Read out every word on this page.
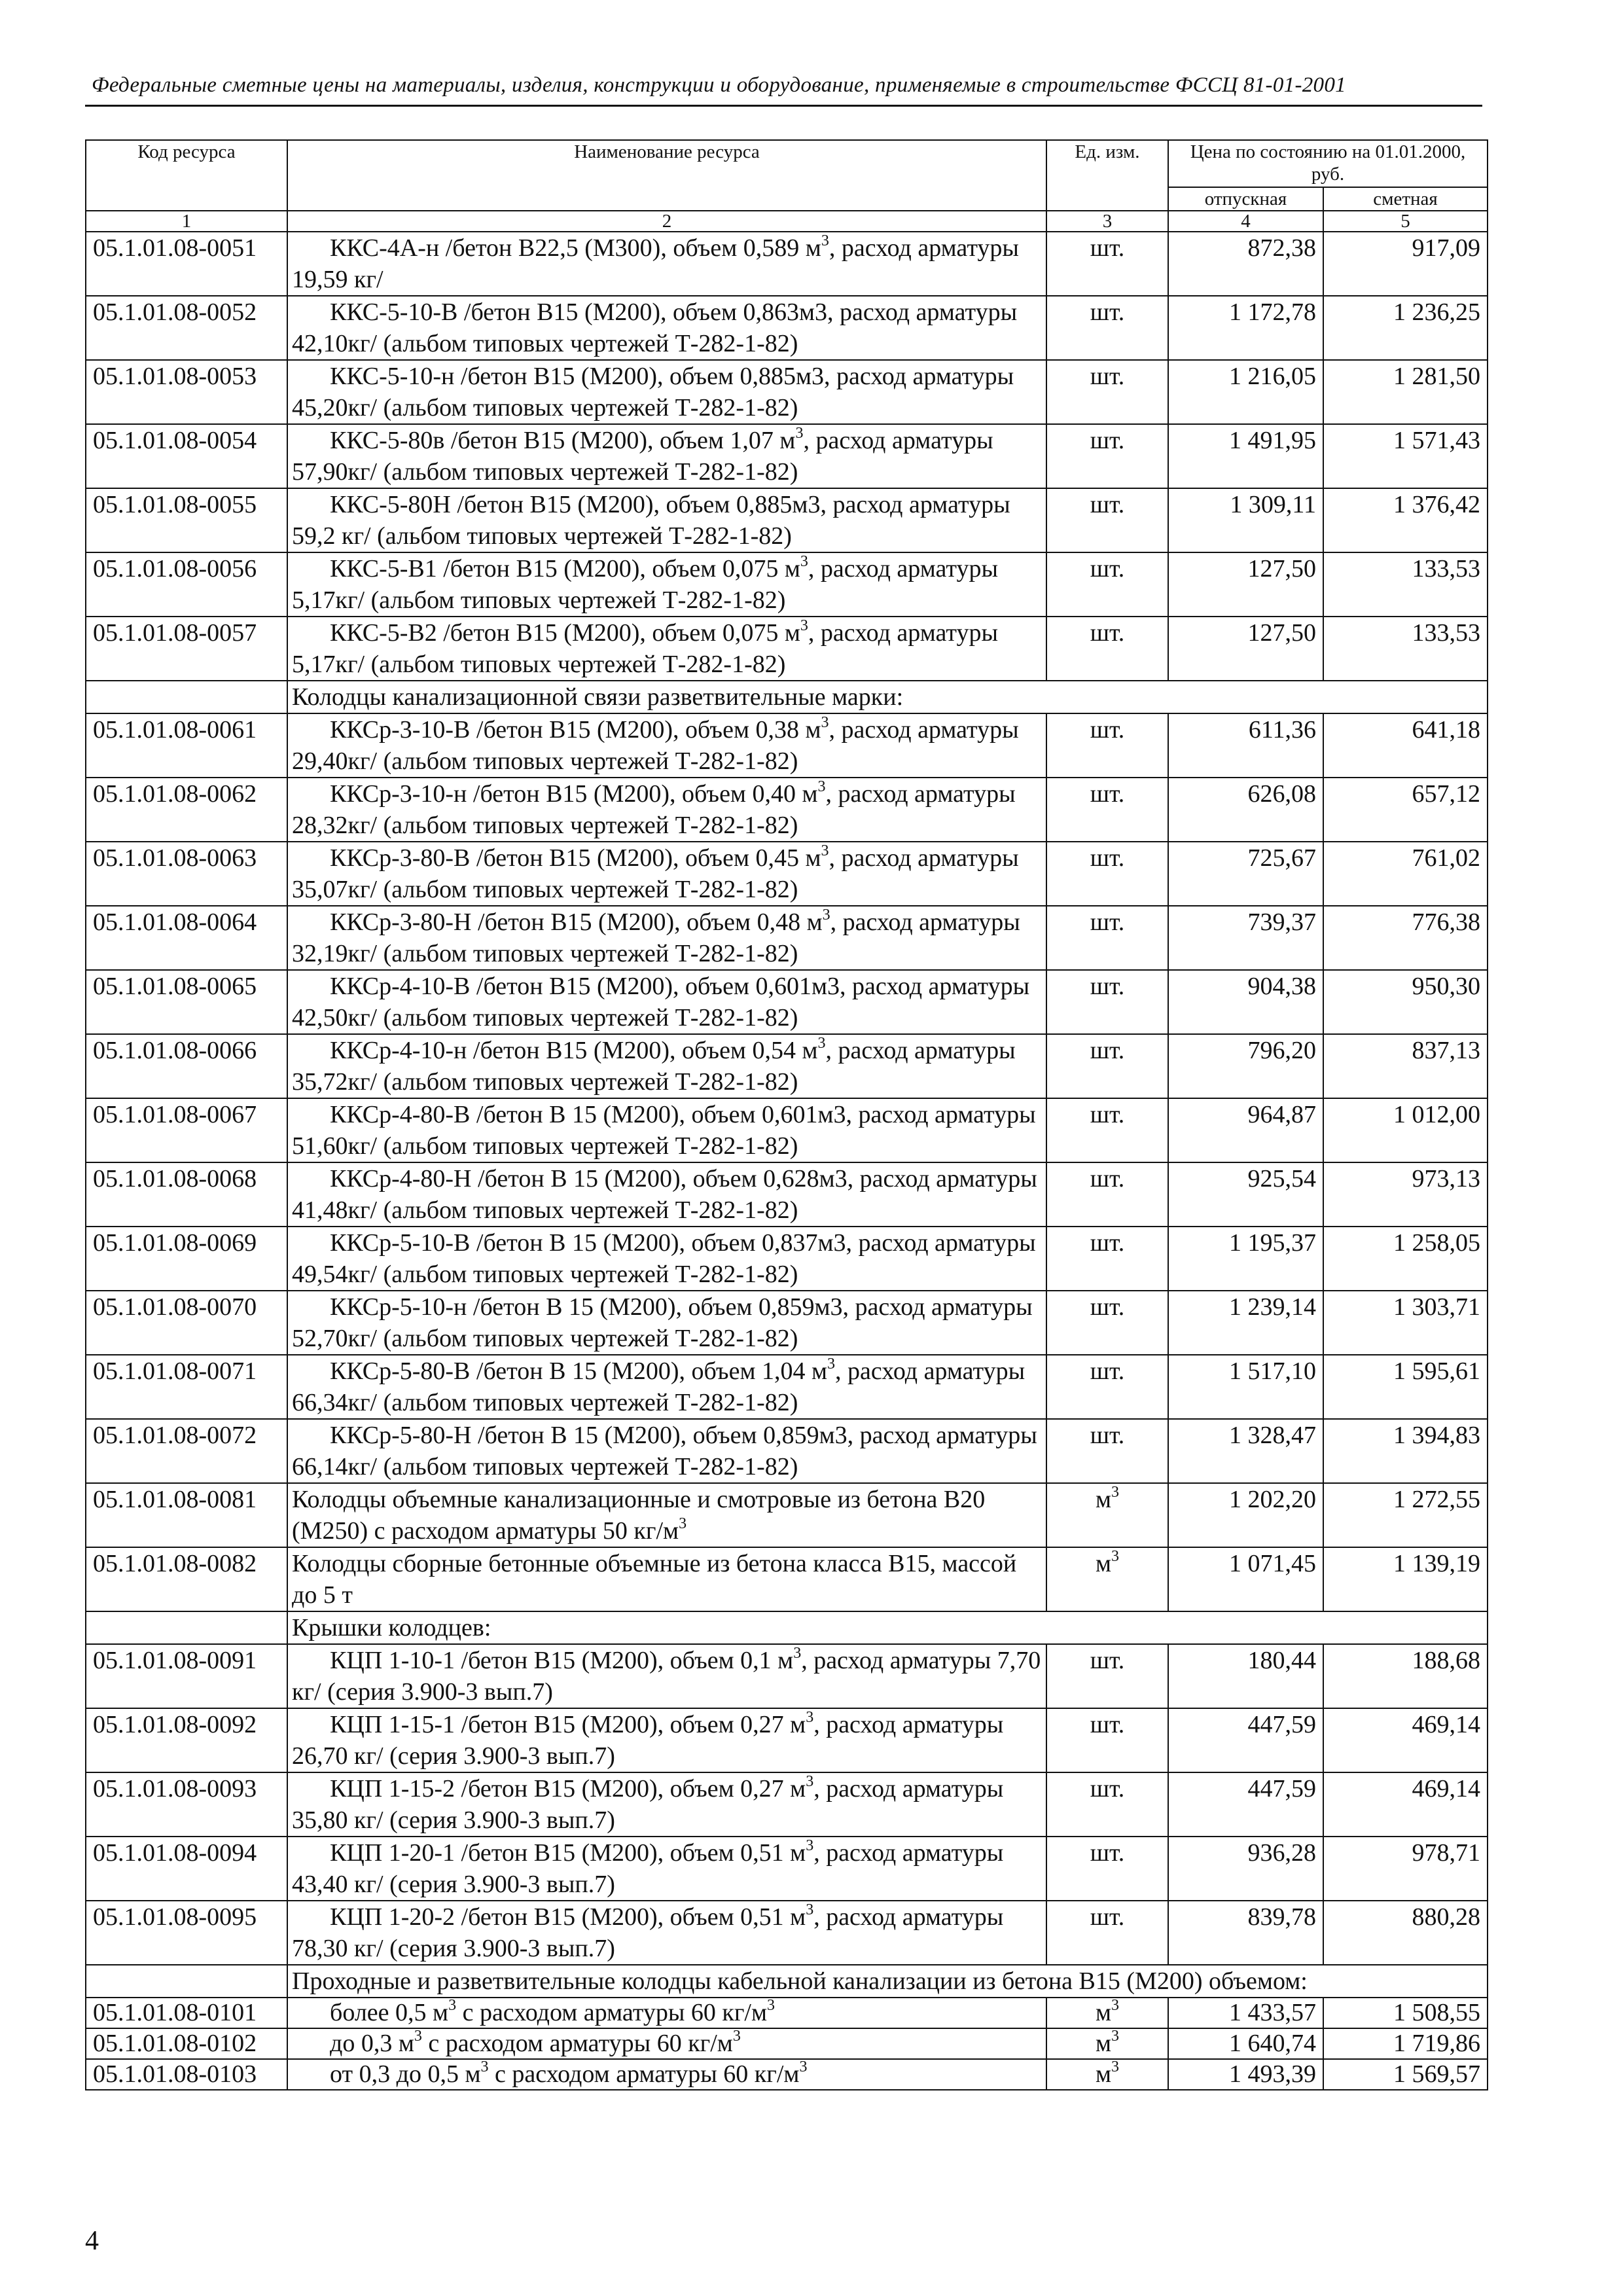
Федеральные сметные цены на материалы, изделия, конструкции и оборудование, применяемые в строительстве ФССЦ 81-01-2001
Код ресурса	Наименование ресурса	Ед. изм.	Цена по состоянию на 01.01.2000, руб.	
			отпускная	сметная
1	2	3	4	5
05.1.01.08-0051	ККС-4А-н /бетон В22,5 (М300), объем 0,589 $м^3$, расход арматуры 19,59 кг/	шт.	872,38	917,09
05.1.01.08-0052	ККС-5-10-В /бетон В15 (М200), объем 0,863м3, расход арматуры 42,10кг/ (альбом типовых чертежей Т-282-1-82)	шт.	1 172,78	1 236,25
05.1.01.08-0053	ККС-5-10-н /бетон В15 (М200), объем 0,885м3, расход арматуры 45,20кг/ (альбом типовых чертежей Т-282-1-82)	шт.	1 216,05	1 281,50
05.1.01.08-0054	ККС-5-80в /бетон В15 (М200), объем 1,07 $м^3$, расход арматуры 57,90кг/ (альбом типовых чертежей Т-282-1-82)	шт.	1 491,95	1 571,43
05.1.01.08-0055	ККС-5-80Н /бетон В15 (М200), объем 0,885м3, расход арматуры 59,2 кг/ (альбом типовых чертежей Т-282-1-82)	шт.	1 309,11	1 376,42
05.1.01.08-0056	ККС-5-В1 /бетон В15 (М200), объем 0,075 $м^3$, расход арматуры 5,17кг/ (альбом типовых чертежей Т-282-1-82)	шт.	127,50	133,53
05.1.01.08-0057	ККС-5-В2 /бетон В15 (М200), объем 0,075 $м^3$, расход арматуры 5,17кг/ (альбом типовых чертежей Т-282-1-82)	шт.	127,50	133,53
	Колодцы канализационной связи разветвительные марки:			
05.1.01.08-0061	ККСр-3-10-В /бетон В15 (М200), объем 0,38 $м^3$, расход арматуры 29,40кг/ (альбом типовых чертежей Т-282-1-82)	шт.	611,36	641,18
05.1.01.08-0062	ККСр-3-10-н /бетон В15 (М200), объем 0,40 $м^3$, расход арматуры 28,32кг/ (альбом типовых чертежей Т-282-1-82)	шт.	626,08	657,12
05.1.01.08-0063	ККСр-3-80-В /бетон В15 (М200), объем 0,45 $м^3$, расход арматуры 35,07кг/ (альбом типовых чертежей Т-282-1-82)	шт.	725,67	761,02
05.1.01.08-0064	ККСр-3-80-Н /бетон В15 (М200), объем 0,48 $м^3$, расход арматуры 32,19кг/ (альбом типовых чертежей Т-282-1-82)	шт.	739,37	776,38
05.1.01.08-0065	ККСр-4-10-В /бетон В15 (М200), объем 0,601м3, расход арматуры 42,50кг/ (альбом типовых чертежей Т-282-1-82)	шт.	904,38	950,30
05.1.01.08-0066	ККСр-4-10-н /бетон В15 (М200), объем 0,54 $м^3$, расход арматуры 35,72кг/ (альбом типовых чертежей Т-282-1-82)	шт.	796,20	837,13
05.1.01.08-0067	ККСр-4-80-В /бетон В 15 (М200), объем 0,601м3, расход арматуры 51,60кг/ (альбом типовых чертежей Т-282-1-82)	шт.	964,87	1 012,00
05.1.01.08-0068	ККСр-4-80-Н /бетон В 15 (М200), объем 0,628м3, расход арматуры 41,48кг/ (альбом типовых чертежей Т-282-1-82)	шт.	925,54	973,13
05.1.01.08-0069	ККСр-5-10-В /бетон В 15 (М200), объем 0,837м3, расход арматуры 49,54кг/ (альбом типовых чертежей Т-282-1-82)	шт.	1 195,37	1 258,05
05.1.01.08-0070	ККСр-5-10-н /бетон В 15 (М200), объем 0,859м3, расход арматуры 52,70кг/ (альбом типовых чертежей Т-282-1-82)	шт.	1 239,14	1 303,71
05.1.01.08-0071	ККСр-5-80-В /бетон В 15 (М200), объем 1,04 $м^3$, расход арматуры 66,34кг/ (альбом типовых чертежей Т-282-1-82)	шт.	1 517,10	1 595,61
05.1.01.08-0072	ККСр-5-80-Н /бетон В 15 (М200), объем 0,859м3, расход арматуры 66,14кг/ (альбом типовых чертежей Т-282-1-82)	шт.	1 328,47	1 394,83
05.1.01.08-0081	Колодцы объемные канализационные и смотровые из бетона В20 (М250) с расходом арматуры 50 $кг/м^3$	$м^3$	1 202,20	1 272,55
05.1.01.08-0082	Колодцы сборные бетонные объемные из бетона класса В15, массой до 5 т	$м^3$	1 071,45	1 139,19
	Крышки колодцев:			
05.1.01.08-0091	КЦП 1-10-1 /бетон В15 (М200), объем 0,1 $м^3$, расход арматуры 7,70 кг/ (серия 3.900-3 вып.7)	шт.	180,44	188,68
05.1.01.08-0092	КЦП 1-15-1 /бетон В15 (М200), объем 0,27 $м^3$, расход арматуры 26,70 кг/ (серия 3.900-3 вып.7)	шт.	447,59	469,14
05.1.01.08-0093	КЦП 1-15-2 /бетон В15 (М200), объем 0,27 $м^3$, расход арматуры 35,80 кг/ (серия 3.900-3 вып.7)	шт.	447,59	469,14
05.1.01.08-0094	КЦП 1-20-1 /бетон В15 (М200), объем 0,51 $м^3$, расход арматуры 43,40 кг/ (серия 3.900-3 вып.7)	шт.	936,28	978,71
05.1.01.08-0095	КЦП 1-20-2 /бетон В15 (М200), объем 0,51 $м^3$, расход арматуры 78,30 кг/ (серия 3.900-3 вып.7)	шт.	839,78	880,28
	Проходные и разветвительные колодцы кабельной канализации из бетона В15 (М200) объемом:			
05.1.01.08-0101	более 0,5 $м^3$ с расходом арматуры 60 $кг/м^3$	$м^3$	1 433,57	1 508,55
05.1.01.08-0102	до 0,3 $м^3$ с расходом арматуры 60 $кг/м^3$	$м^3$	1 640,74	1 719,86
05.1.01.08-0103	от 0,3 до 0,5 $м^3$ с расходом арматуры 60 $кг/м^3$	$м^3$	1 493,39	1 569,57
4
